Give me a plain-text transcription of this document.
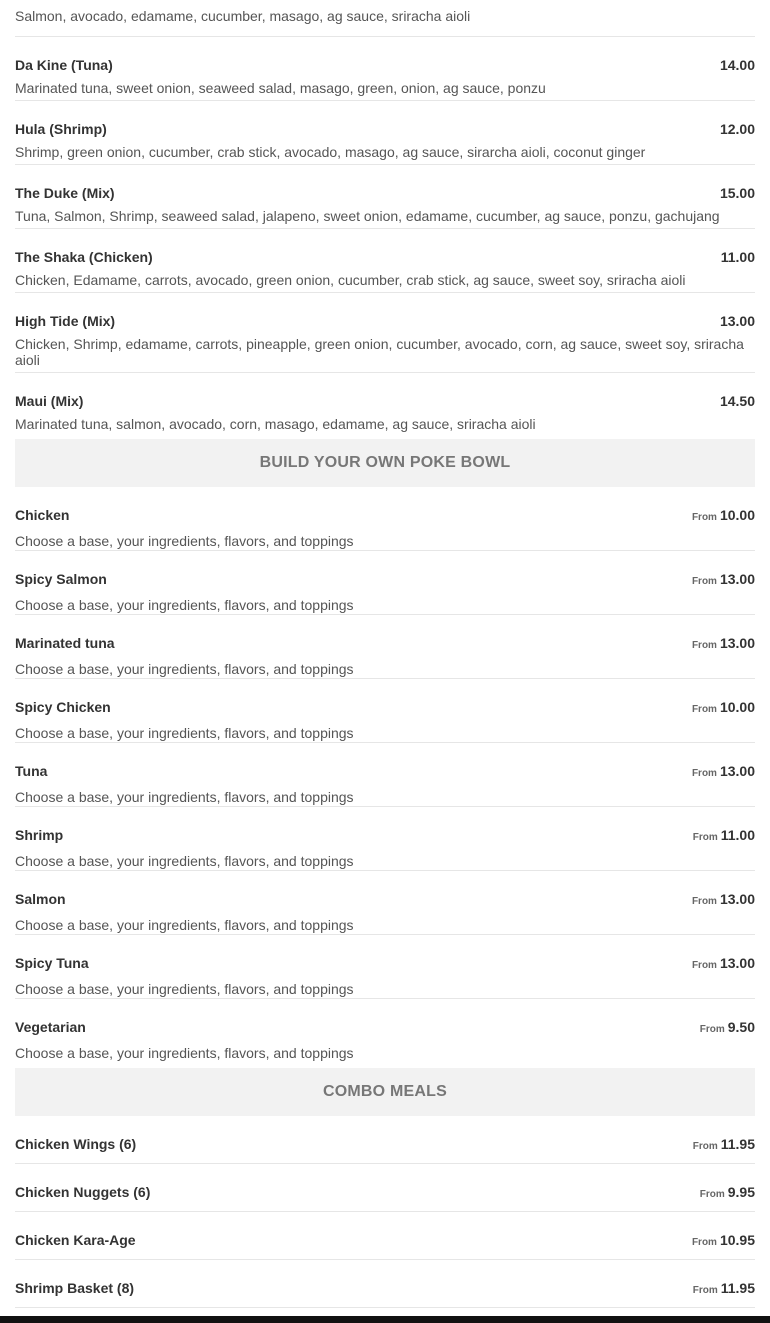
Salmon, avocado, edamame, cucumber, masago, ag sauce, sriracha aioli
Da Kine (Tuna)	14.00
Marinated tuna, sweet onion, seaweed salad, masago, green, onion, ag sauce, ponzu
Hula (Shrimp)	12.00
Shrimp, green onion, cucumber, crab stick, avocado, masago, ag sauce, sirarcha aioli, coconut ginger
The Duke (Mix)	15.00
Tuna, Salmon, Shrimp, seaweed salad, jalapeno, sweet onion, edamame, cucumber, ag sauce, ponzu, gachujang
The Shaka (Chicken)	11.00
Chicken, Edamame, carrots, avocado, green onion, cucumber, crab stick, ag sauce, sweet soy, sriracha aioli
High Tide (Mix)	13.00
Chicken, Shrimp, edamame, carrots, pineapple, green onion, cucumber, avocado, corn, ag sauce, sweet soy, sriracha aioli
Maui (Mix)	14.50
Marinated tuna, salmon, avocado, corn, masago, edamame, ag sauce, sriracha aioli
BUILD YOUR OWN POKE BOWL
Chicken	From 10.00
Choose a base, your ingredients, flavors, and toppings
Spicy Salmon	From 13.00
Choose a base, your ingredients, flavors, and toppings
Marinated tuna	From 13.00
Choose a base, your ingredients, flavors, and toppings
Spicy Chicken	From 10.00
Choose a base, your ingredients, flavors, and toppings
Tuna	From 13.00
Choose a base, your ingredients, flavors, and toppings
Shrimp	From 11.00
Choose a base, your ingredients, flavors, and toppings
Salmon	From 13.00
Choose a base, your ingredients, flavors, and toppings
Spicy Tuna	From 13.00
Choose a base, your ingredients, flavors, and toppings
Vegetarian	From 9.50
Choose a base, your ingredients, flavors, and toppings
COMBO MEALS
Chicken Wings (6)	From 11.95
Chicken Nuggets (6)	From 9.95
Chicken Kara-Age	From 10.95
Shrimp Basket (8)	From 11.95
